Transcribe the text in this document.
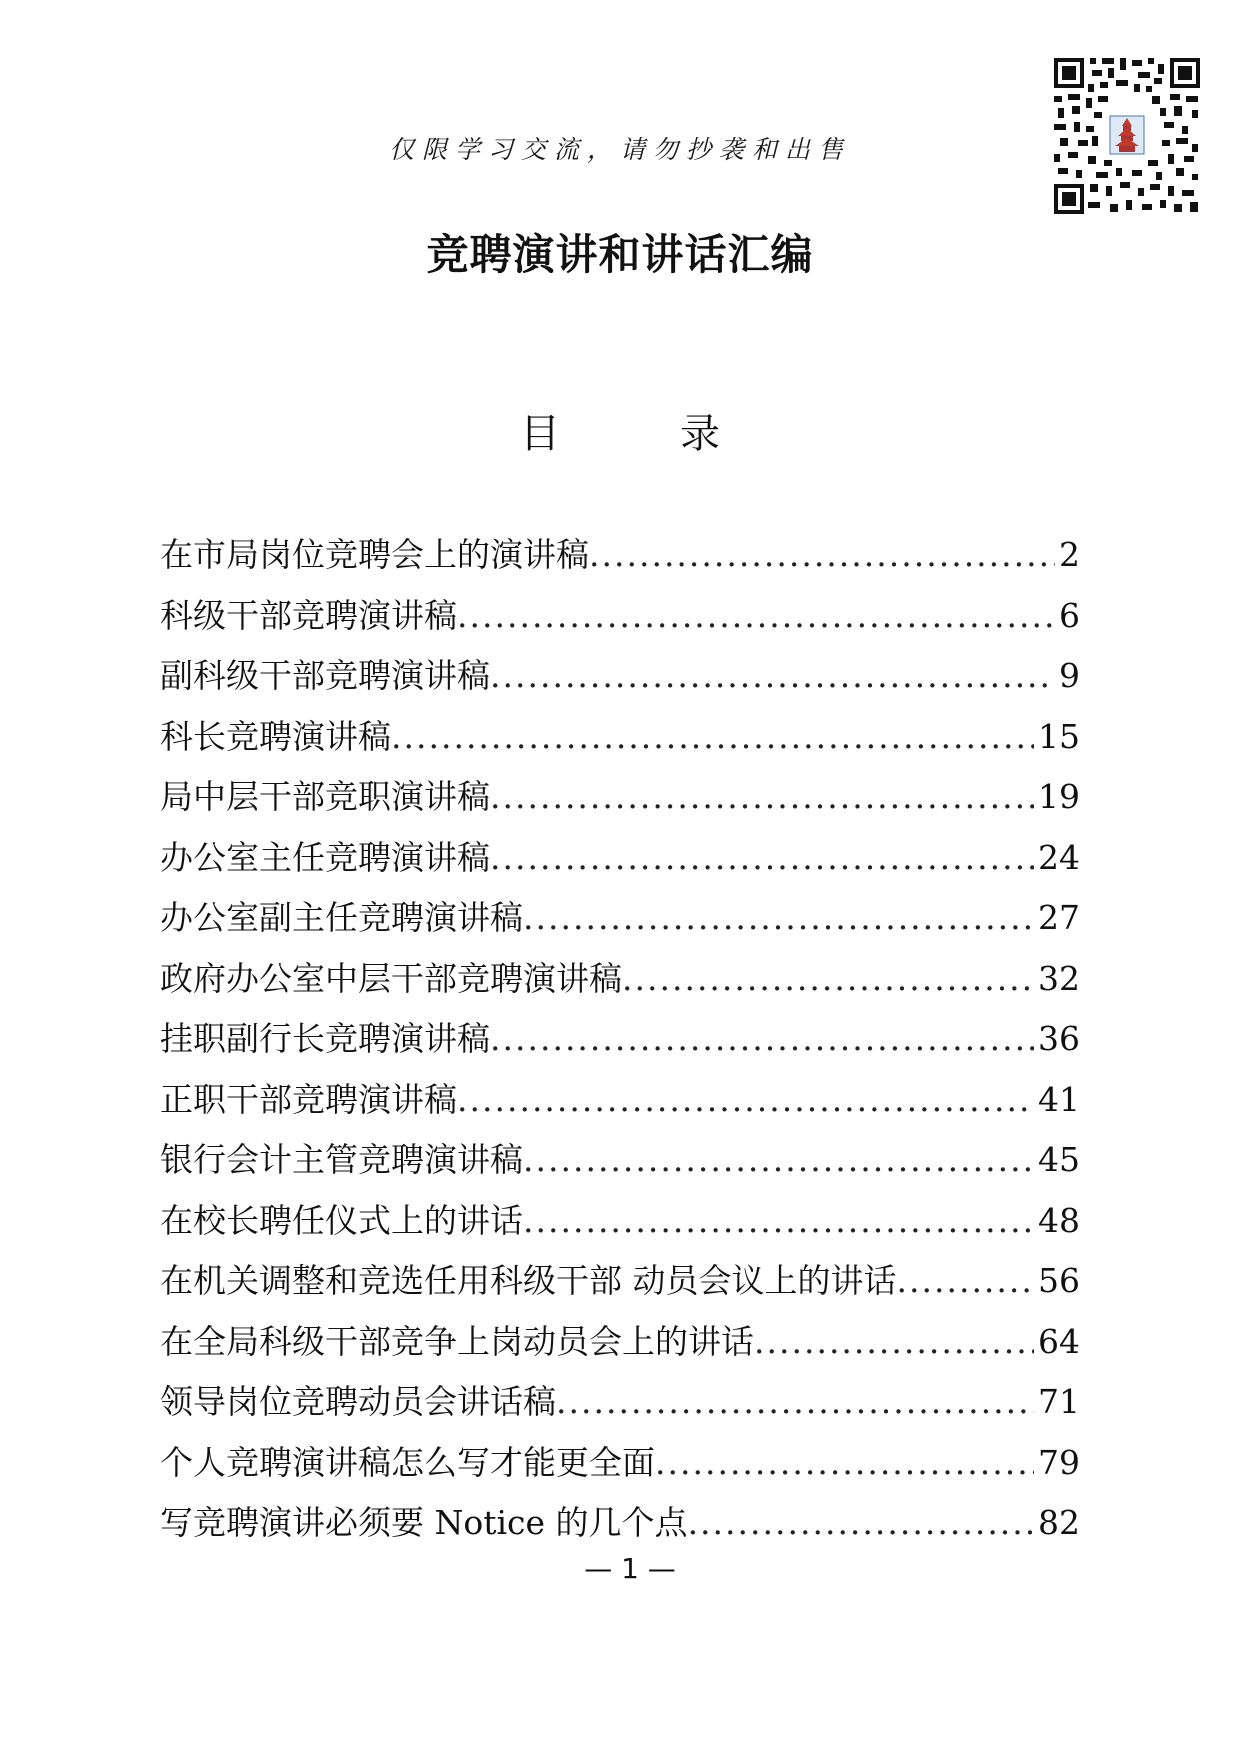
仅限学习交流，请勿抄袭和出售
竞聘演讲和讲话汇编
目　录
在市局岗位竞聘会上的演讲稿 .....	2
科级干部竞聘演讲稿 .....	6
副科级干部竞聘演讲稿 .....	9
科长竞聘演讲稿 .....	15
局中层干部竞职演讲稿 .....	19
办公室主任竞聘演讲稿 .....	24
办公室副主任竞聘演讲稿 .....	27
政府办公室中层干部竞聘演讲稿 .....	32
挂职副行长竞聘演讲稿 .....	36
正职干部竞聘演讲稿 .....	41
银行会计主管竞聘演讲稿 .....	45
在校长聘任仪式上的讲话 .....	48
在机关调整和竞选任用科级干部 动员会议上的讲话 .....	56
在全局科级干部竞争上岗动员会上的讲话 .....	64
领导岗位竞聘动员会讲话稿 .....	71
个人竞聘演讲稿怎么写才能更全面 .....	79
写竞聘演讲必须要 Notice 的几个点 .....	82
— 1 —
